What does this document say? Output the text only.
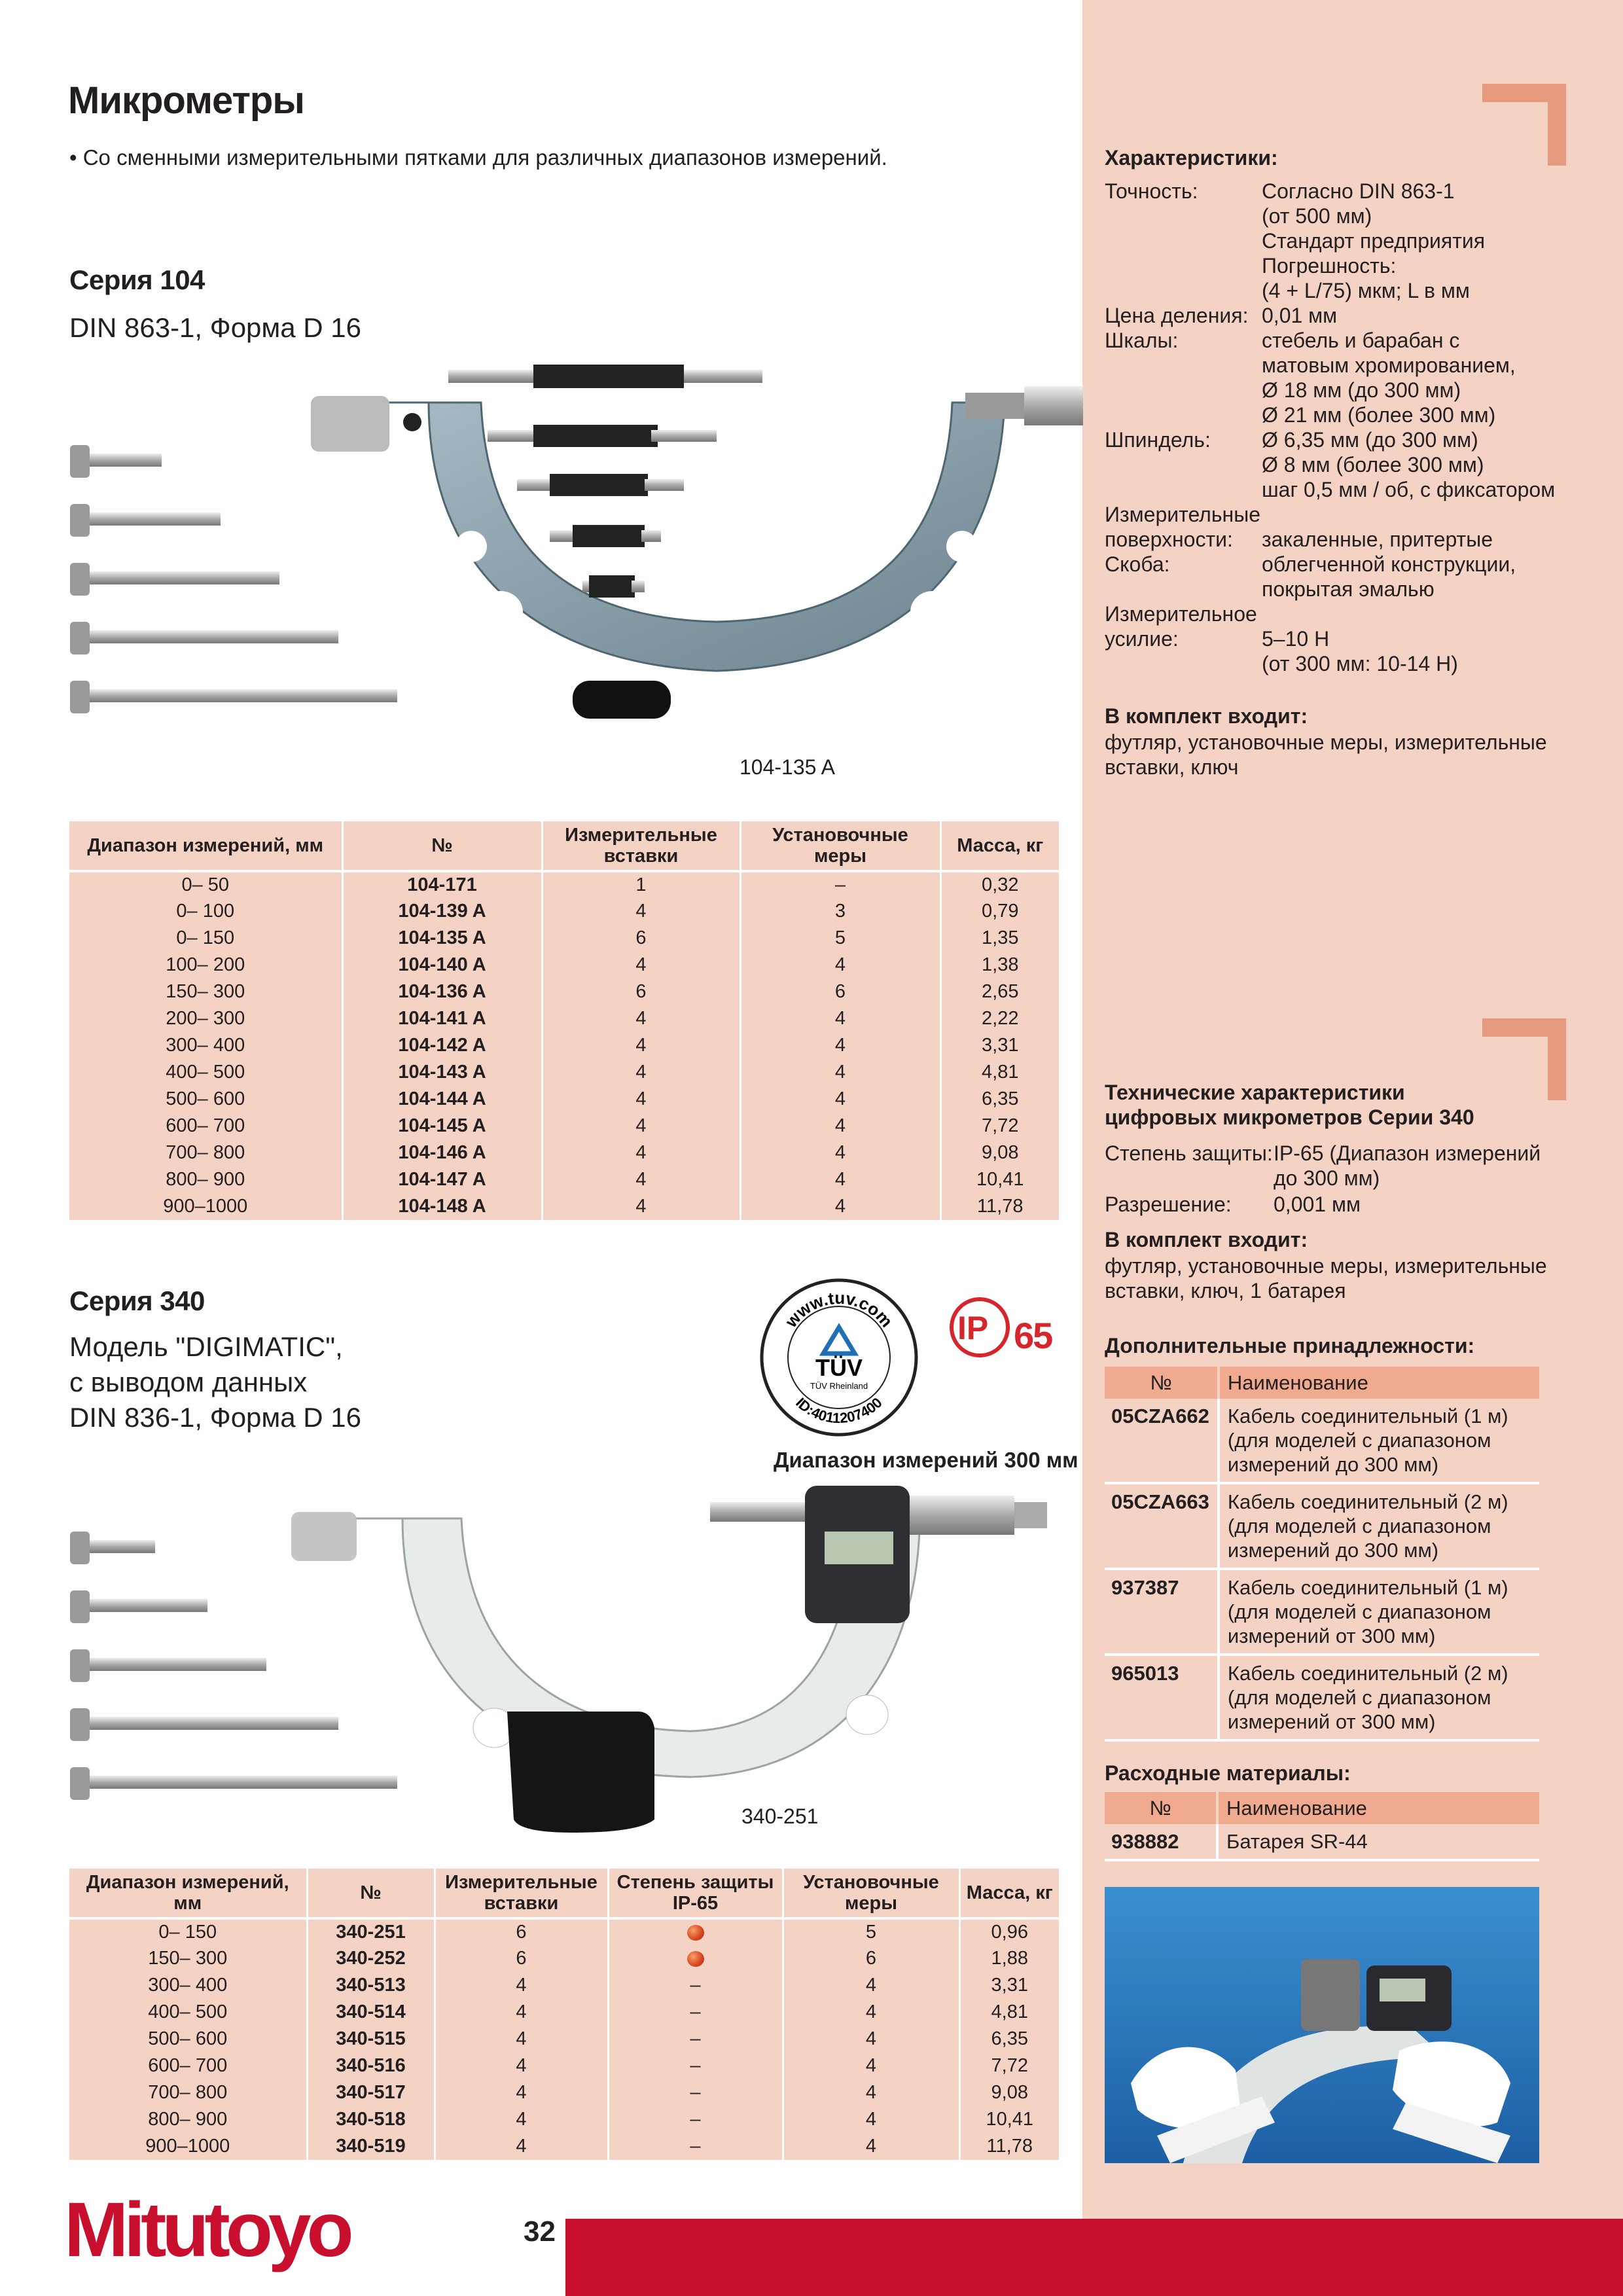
Микрометры
• Со сменными измерительными пятками для различных диапазонов измерений.
Серия 104
DIN 863-1, Форма D 16
104-135 A
Диапазон измерений, мм	№	Измерительные вставки	Установочные меры	Масса, кг
0– 50	104-171	1	–	0,32
0– 100	104-139 A	4	3	0,79
0– 150	104-135 A	6	5	1,35
100– 200	104-140 A	4	4	1,38
150– 300	104-136 A	6	6	2,65
200– 300	104-141 A	4	4	2,22
300– 400	104-142 A	4	4	3,31
400– 500	104-143 A	4	4	4,81
500– 600	104-144 A	4	4	6,35
600– 700	104-145 A	4	4	7,72
700– 800	104-146 A	4	4	9,08
800– 900	104-147 A	4	4	10,41
900–1000	104-148 A	4	4	11,78
Серия 340
Модель "DIGIMATIC",
с выводом данных
DIN 836-1, Форма D 16
www.tuv.com
ID:4011207400
TÜV
TÜV Rheinland
IP 65
Диапазон измерений 300 мм
340-251
Диапазон измерений, мм	№	Измерительные вставки	Степень защиты IP-65	Установочные меры	Масса, кг
0– 150	340-251	6		5	0,96
150– 300	340-252	6		6	1,88
300– 400	340-513	4	–	4	3,31
400– 500	340-514	4	–	4	4,81
500– 600	340-515	4	–	4	6,35
600– 700	340-516	4	–	4	7,72
700– 800	340-517	4	–	4	9,08
800– 900	340-518	4	–	4	10,41
900–1000	340-519	4	–	4	11,78
Mitutoyo	32
Характеристики:
Точность:	Согласно DIN 863-1
(от 500 мм)
Стандарт предприятия
Погрешность:
(4 + L/75) мкм; L в мм
Цена деления: 0,01 мм
Шкалы:	стебель и барабан с
матовым хромированием,
Ø 18 мм (до 300 мм)
Ø 21 мм (более 300 мм)
Шпиндель: Ø 6,35 мм (до 300 мм)
Ø 8 мм (более 300 мм)
шаг 0,5 мм / об, с фиксатором
Измерительные
поверхности: закаленные, притертые
Скоба:	облегченной конструкции,
покрытая эмалью
Измерительное
усилие:	5–10 Н
(от 300 мм: 10-14 Н)
В комплект входит:
футляр, установочные меры, измерительные
вставки, ключ
Технические характеристики
цифровых микрометров Серии 340
Степень защиты: IP-65 (Диапазон измерений
до 300 мм)
Разрешение: 0,001 мм
В комплект входит:
футляр, установочные меры, измерительные
вставки, ключ, 1 батарея
Дополнительные принадлежности:
№	Наименование
05CZA662	Кабель соединительный (1 м)
(для моделей с диапазоном
измерений до 300 мм)

05CZA663	Кабель соединительный (2 м)
(для моделей с диапазоном
измерений до 300 мм)

937387	Кабель соединительный (1 м)
(для моделей с диапазоном
измерений от 300 мм)

965013	Кабель соединительный (2 м)
(для моделей с диапазоном
измерений от 300 мм)
Расходные материалы:
№	Наименование
938882	Батарея SR-44
